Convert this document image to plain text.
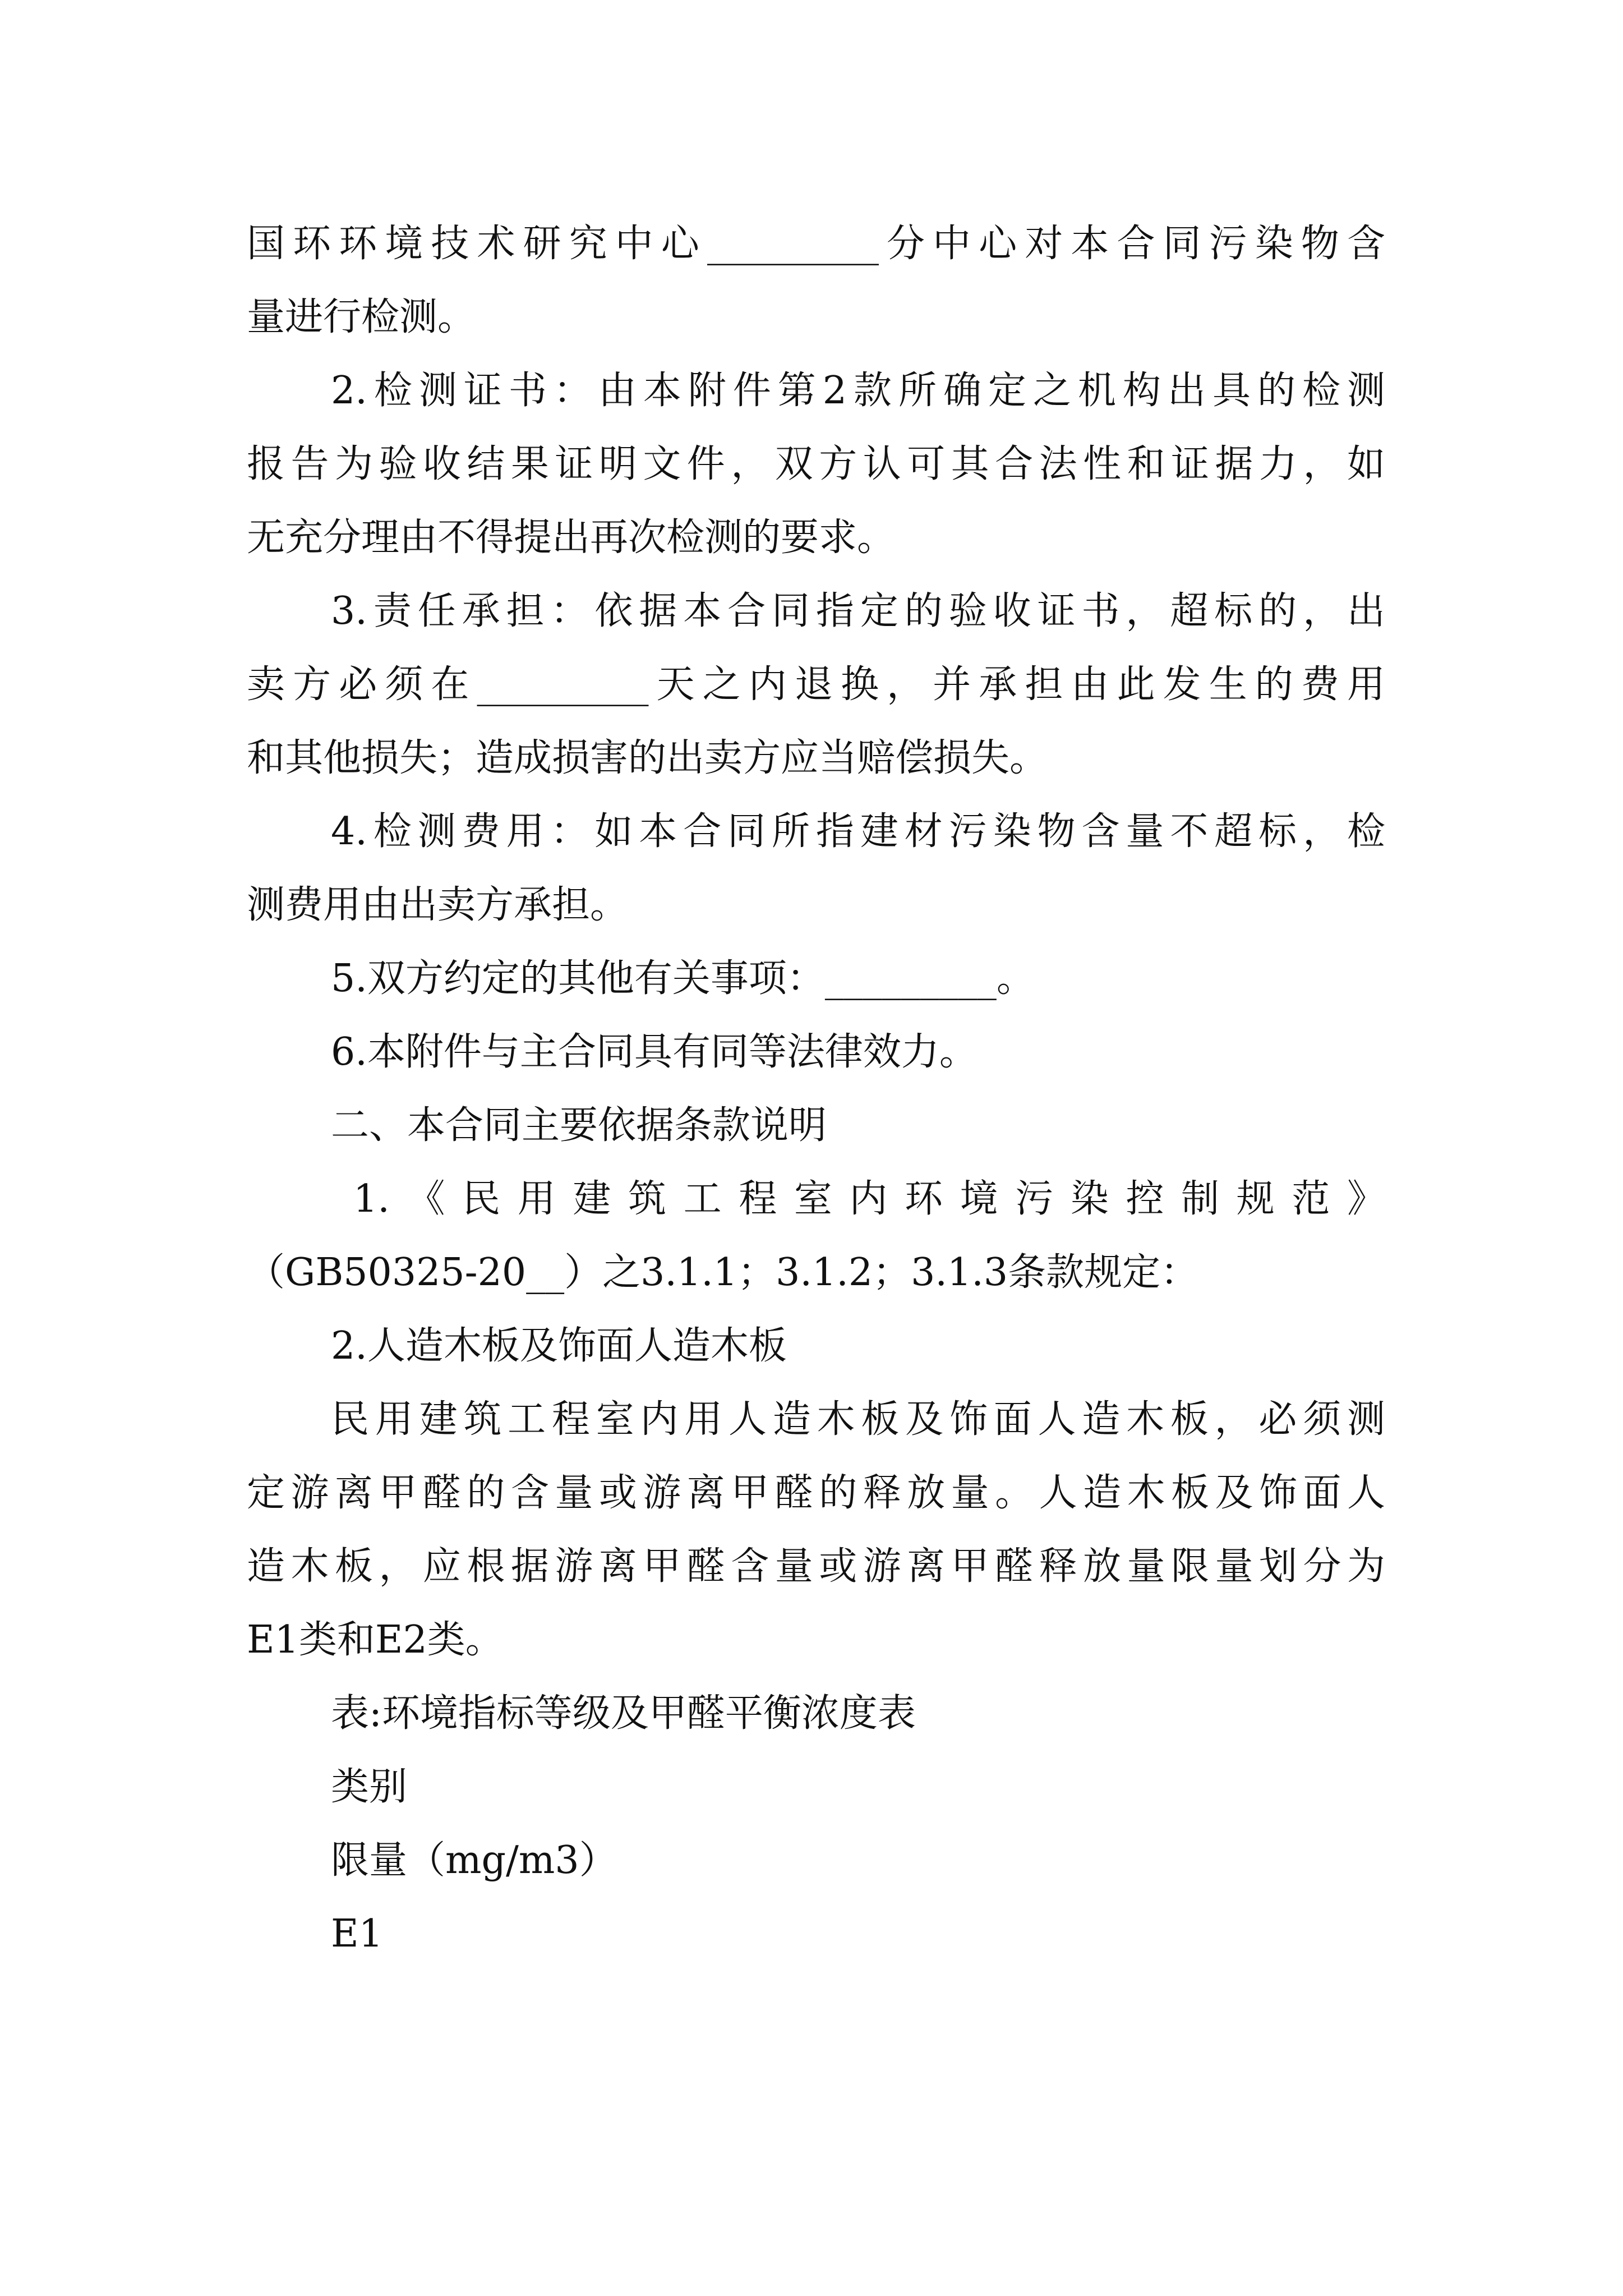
国环环境技术研究中心_________分中心对本合同污染物含
量进行检测。
2.检测证书：由本附件第2款所确定之机构出具的检测
报告为验收结果证明文件，双方认可其合法性和证据力，如
无充分理由不得提出再次检测的要求。
3.责任承担：依据本合同指定的验收证书，超标的，出
卖方必须在_________天之内退换，并承担由此发生的费用
和其他损失；造成损害的出卖方应当赔偿损失。
4.检测费用：如本合同所指建材污染物含量不超标，检
测费用由出卖方承担。
5.双方约定的其他有关事项：_________。
6.本附件与主合同具有同等法律效力。
二、本合同主要依据条款说明
1.《民用建筑工程室内环境污染控制规范》
（GB50325-20__）之3.1.1；3.1.2；3.1.3条款规定：
2.人造木板及饰面人造木板
民用建筑工程室内用人造木板及饰面人造木板，必须测
定游离甲醛的含量或游离甲醛的释放量。人造木板及饰面人
造木板，应根据游离甲醛含量或游离甲醛释放量限量划分为
E1类和E2类。
表:环境指标等级及甲醛平衡浓度表
类别
限量（mg/m3）
E1
